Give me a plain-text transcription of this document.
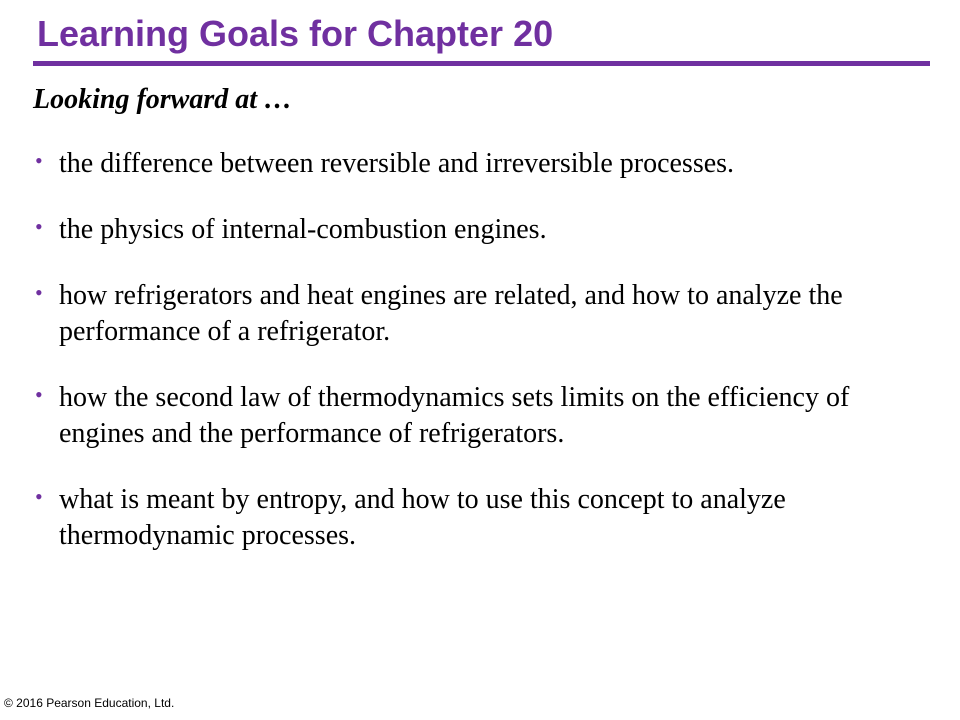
Learning Goals for Chapter 20

Looking forward at …

• the difference between reversible and irreversible processes.
• the physics of internal-combustion engines.
• how refrigerators and heat engines are related, and how to analyze the performance of a refrigerator.
• how the second law of thermodynamics sets limits on the efficiency of engines and the performance of refrigerators.
• what is meant by entropy, and how to use this concept to analyze thermodynamic processes.

© 2016 Pearson Education, Ltd.
